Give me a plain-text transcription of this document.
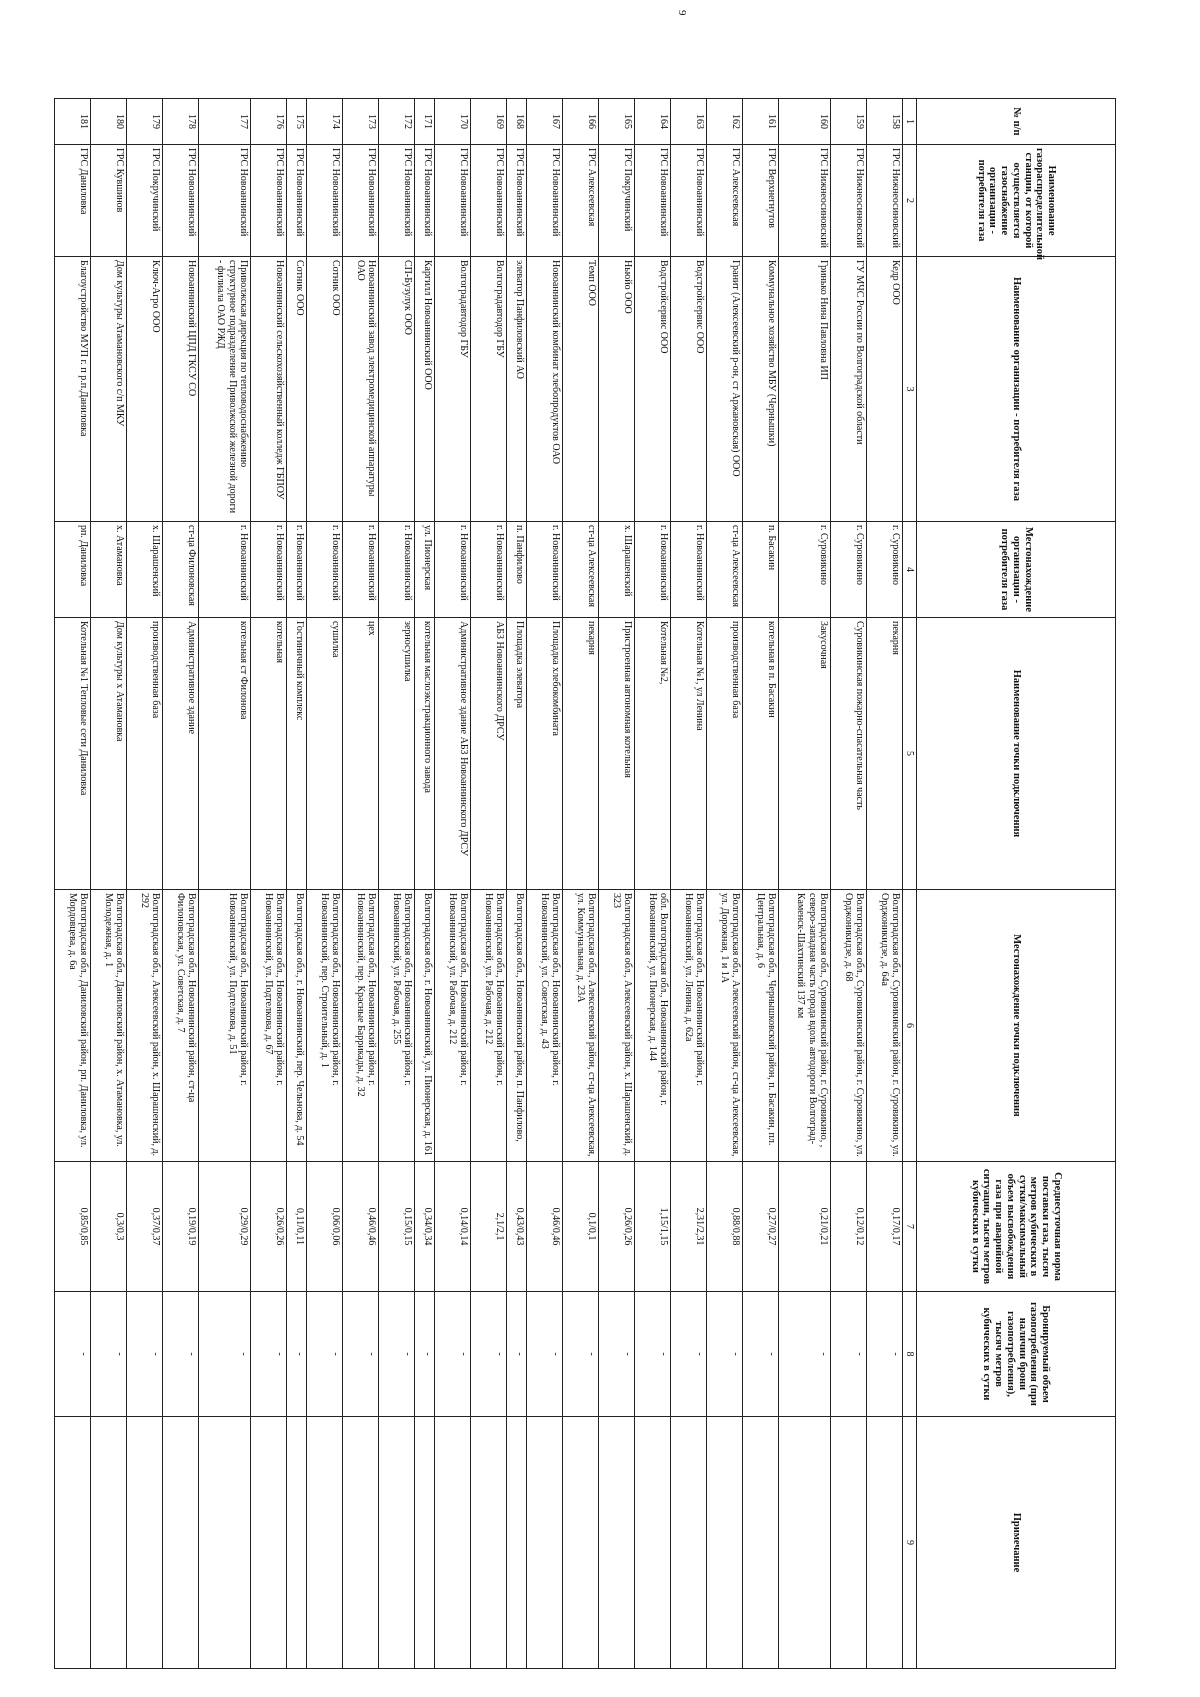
9
№ п/п	Наименование газораспределительной станции, от которой осуществляется газоснабжение организации - потребителя газа	Наименование организации - потребителя газа	Местонахождение организации - потребителя газа	Наименование точки подключения	Местонахождение точки подключения	Среднесуточная норма поставки газа, тысяч метров кубических в сутки/максимальный объем высвобождения газа при аварийной ситуации, тысяч метров кубических в сутки	Бронируемый объем газопотребления (при наличии брони газопотребления), тысяч метров кубических в сутки	Примечание
1	2	3	4	5	6	7	8	9
158	ГРС Нижнеосиновский	Кедр ООО	г. Суровикино	пекарня	Волгоградская обл., Суровикинский район, г. Суровикино, ул. Орджоникидзе, д. 64а	0,17/0,17	-	
159	ГРС Нижнеосиновский	ГУ МЧС России по Волгоградской области	г. Суровикино	Суровикинская пожарно-спасательная часть	Волгоградская обл., Суровикинский район, г. Суровикино, ул. Орджоникидзе, д. 68	0,12/0,12	-	
160	ГРС Нижнеосиновский	Гринько Нина Павловна ИП	г. Суровикино	Закусочная	Волгоградская обл., Суровикинский район, г. Суровикино, , северо-западная часть города вдоль автодороги Волгоград-Каменск-Шахтинский 137 км	0,21/0,21	-	
161	ГРС Верхнегнутов	Коммунальное хозяйство МБУ (Чернышки)	п. Басакин	котельная в п. Басакин	Волгоградская обл., Чернышковский район, п. Басакин, пл. Центральная, д. 6	0,27/0,27	-	
162	ГРС Алексеевская	Гранит (Алексеевский р-он, ст Аржановская) ООО	ст-ца Алексеевская	производственная база	Волгоградская обл., Алексеевский район, ст-ца Алексеевская, ул. Дорожная, 1 и 1А	0,88/0,88	-	
163	ГРС Новоаннинский	Водстройсервис ООО	г. Новоаннинский	Котельная №1, ул Ленина	Волгоградская обл., Новоаннинский район, г. Новоаннинский, ул. Ленина, д. 62а	2,31/2,31	-	
164	ГРС Новоаннинский	Водстройсервис ООО	г. Новоаннинский	Котельная №2,	обл. Волгоградская обл., Новоаннинский район, г. Новоаннинский, ул. Пионерская, д. 144	1,15/1,15	-	
165	ГРС Покручинский	Ньюйо ООО	х. Шарашенский	Пристроенная автономная котельная	Волгоградская обл., Алексеевский район, х. Шарашенский, д. 323	0,26/0,26	-	
166	ГРС Алексеевская	Темп ООО	ст-ца Алексеевская	пекарня	Волгоградская обл., Алексеевский район, ст-ца Алексеевская, ул. Коммунальная, д. 23А	0,1/0,1	-	
167	ГРС Новоаннинский	Новоаннинский комбинат хлебопродуктов ОАО	г. Новоаннинский	Площадка хлебокомбината	Волгоградская обл., Новоаннинский район, г. Новоаннинский, ул. Советская, д. 43	0,46/0,46	-	
168	ГРС Новоаннинский	элеватор Панфиловский АО	п. Панфилово	Площадка элеватора	Волгоградская обл., Новоаннинский район, п. Панфилово,	0,43/0,43	-	
169	ГРС Новоаннинский	Волгоградавтодор ГБУ	г. Новоаннинский	АБЗ Новоаннинского ДРСУ	Волгоградская обл., Новоаннинский район, г. Новоаннинский, ул. Рабочая, д. 212	2,1/2,1	-	
170	ГРС Новоаннинский	Волгоградавтодор ГБУ	г. Новоаннинский	Административное здание АБЗ Новоаннинского ДРСУ	Волгоградская обл., Новоаннинский район, г. Новоаннинский, ул. Рабочая, д. 212	0,14/0,14	-	
171	ГРС Новоаннинский	Каргилл Новоаннинский ООО	ул. Пионерская	котельная маслоэкстракционного завода	Волгоградская обл., г. Новоаннинский, ул. Пионерская, д. 161	0,34/0,34	-	
172	ГРС Новоаннинский	СП-Бузулук ООО	г. Новоаннинский	зерносушилка	Волгоградская обл., Новоаннинский район, г. Новоаннинский, ул. Рабочая, д. 255	0,15/0,15	-	
173	ГРС Новоаннинский	Новоаннинский завод электромедицинской аппаратуры ОАО	г. Новоаннинский	цех	Волгоградская обл., Новоаннинский район, г. Новоаннинский, пер. Красные Баррикады, д. 32	0,46/0,46	-	
174	ГРС Новоаннинский	Сотник ООО	г. Новоаннинский	сушилка	Волгоградская обл., Новоаннинский район, г. Новоаннинский, пер. Строительный, д. 1	0,06/0,06	-	
175	ГРС Новоаннинский	Сотник ООО	г. Новоаннинский	Гостиничный комплекс	Волгоградская обл., г. Новоаннинский, пер. Чельнова, д. 54	0,11/0,11	-	
176	ГРС Новоаннинский	Новоаннинский сельскохозяйственный колледж ГБПОУ	г. Новоаннинский	котельная	Волгоградская обл., Новоаннинский район, г. Новоаннинский, ул. Подтелкова, д. 67	0,26/0,26	-	
177	ГРС Новоаннинский	Приволжская дирекция по тепловодоснабжению структурное подразделение Приволжской железной дороги - филиала ОАО РЖД	г. Новоаннинский	котельная ст Филонова	Волгоградская обл., Новоаннинский район, г. Новоаннинский, ул. Подтелкова, д. 51	0,29/0,29	-	
178	ГРС Новоаннинский	Новоаннинский ЦПД ГКСУ СО	ст-ца Филоновская	Административное здание	Волгоградская обл., Новоаннинский район, ст-ца Филоновская, ул. Советская, д. 7	0,19/0,19	-	
179	ГРС Покручинский	Ключ-Агро ООО	х. Шарашенский	производственная база	Волгоградская обл., Алексеевский район, х. Шарашенский, д. 292	0,37/0,37	-	
180	ГРС Кувшинов	Дом культуры Атамановского с/п МКУ	х. Атамановка	Дом культуры х Атамановка	Волгоградская обл., Даниловский район, х. Атамановка, ул. Молодежная, д. 1	0,3/0,3	-	
181	ГРС Даниловка	Благоустройство МУП г. п р.п.Даниловка	рп. Даниловка	Котельная №1 Тепловые сети Даниловка	Волгоградская обл., Даниловский район, рп. Даниловка, ул. Мордовцева, д. 6а	0,85/0,85	-	
